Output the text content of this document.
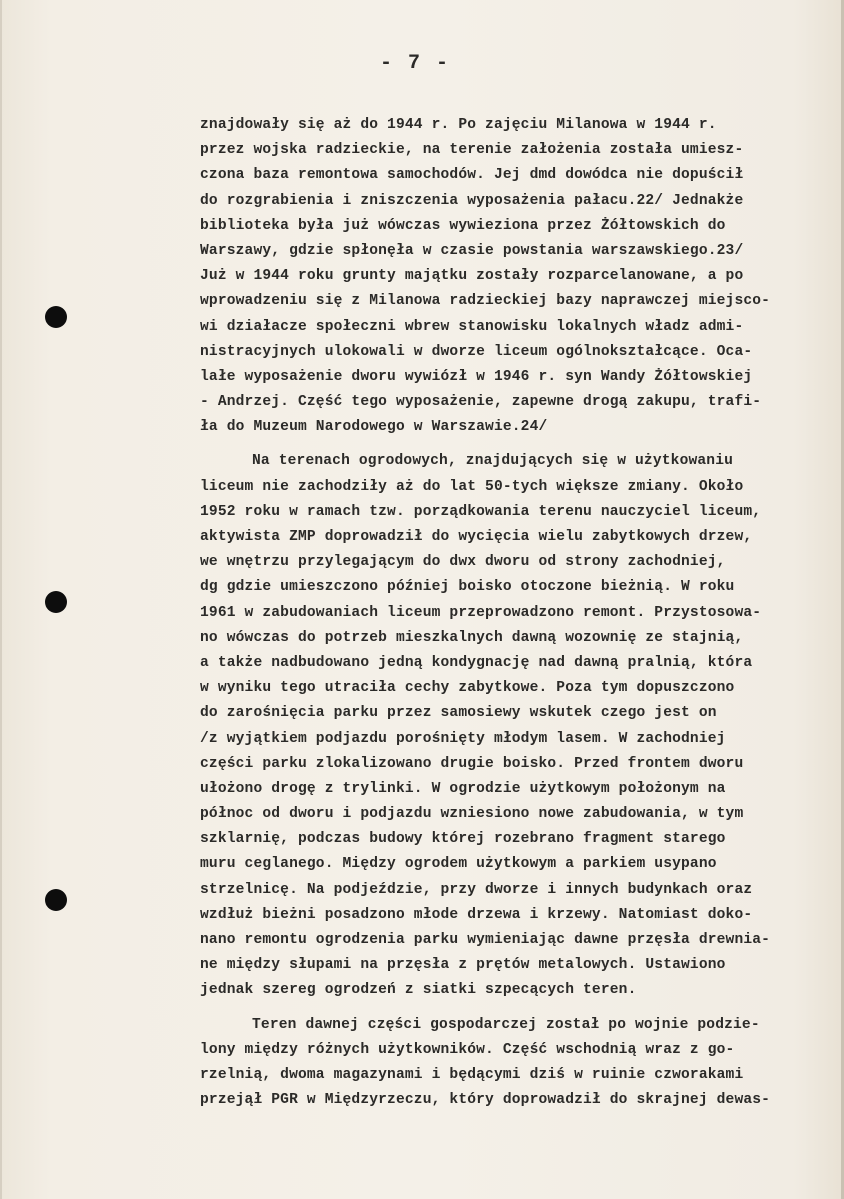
- 7 -
znajdowały się aż do 1944 r. Po zajęciu Milanowa w 1944 r.
przez wojska radzieckie, na terenie założenia została umiesz-
czona baza remontowa samochodów. Jej dmd dowódca nie dopuścił
do rozgrabienia i zniszczenia wyposażenia pałacu.22/ Jednakże
biblioteka była już wówczas wywieziona przez Żółtowskich do
Warszawy, gdzie spłonęła w czasie powstania warszawskiego.23/
Już w 1944 roku grunty majątku zostały rozparcelanowane, a po
wprowadzeniu się z Milanowa radzieckiej bazy naprawczej miejsco-
wi działacze społeczni wbrew stanowisku lokalnych władz admi-
nistracyjnych ulokowali w dworze liceum ogólnokształcące. Oca-
lałe wyposażenie dworu wywiózł w 1946 r. syn Wandy Żółtowskiej
- Andrzej. Część tego wyposażenie, zapewne drogą zakupu, trafi-
ła do Muzeum Narodowego w Warszawie.24/
Na terenach ogrodowych, znajdujących się w użytkowaniu
liceum nie zachodziły aż do lat 50-tych większe zmiany. Około
1952 roku w ramach tzw. porządkowania terenu nauczyciel liceum,
aktywista ZMP doprowadził do wycięcia wielu zabytkowych drzew,
we wnętrzu przylegającym do dwx dworu od strony zachodniej,
dg gdzie umieszczono później boisko otoczone bieżnią. W roku
1961 w zabudowaniach liceum przeprowadzono remont. Przystosowa-
no wówczas do potrzeb mieszkalnych dawną wozownię ze stajnią,
a także nadbudowano jedną kondygnację nad dawną pralnią, która
w wyniku tego utraciła cechy zabytkowe. Poza tym dopuszczono
do zarośnięcia parku przez samosiewy wskutek czego jest on
/z wyjątkiem podjazdu porośnięty młodym lasem. W zachodniej
części parku zlokalizowano drugie boisko. Przed frontem dworu
ułożono drogę z trylinki. W ogrodzie użytkowym położonym na
północ od dworu i podjazdu wzniesiono nowe zabudowania, w tym
szklarnię, podczas budowy której rozebrano fragment starego
muru ceglanego. Między ogrodem użytkowym a parkiem usypano
strzelnicę. Na podjeździe, przy dworze i innych budynkach oraz
wzdłuż bieżni posadzono młode drzewa i krzewy. Natomiast doko-
nano remontu ogrodzenia parku wymieniając dawne przęsła drewnia-
ne między słupami na przęsła z prętów metalowych. Ustawiono
jednak szereg ogrodzeń z siatki szpecących teren.
Teren dawnej części gospodarczej został po wojnie podzie-
lony między różnych użytkowników. Część wschodnią wraz z go-
rzelnią, dwoma magazynami i będącymi dziś w ruinie czworakami
przejął PGR w Międzyrzeczu, który doprowadził do skrajnej dewas-
